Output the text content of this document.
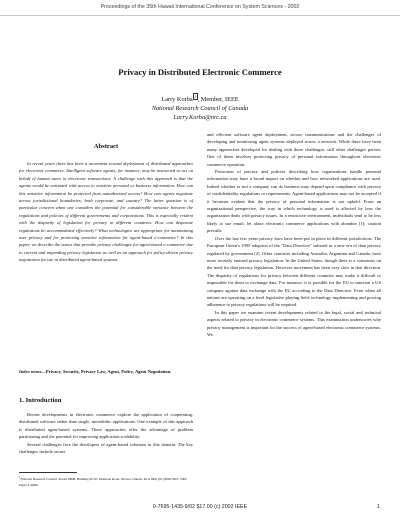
Proceedings of the 35th Hawaii International Conference on System Sciences - 2002
Privacy in Distributed Electronic Commerce
Larry Korba $^1$ , Member, IEEE
National Research Council of Canada
Larry.Korba@nrc.ca
Abstract
In recent years there has been a movement toward deployment of distributed approaches for electronic commerce. Intelligent software agents, for instance, may be instructed to act on behalf of human users in electronic transactions. A challenge with this approach is that the agents would be entrusted with access to sensitive personal or business information. How can this sensitive information be protected from unauthorized access? How can agents negotiate across jurisdictional boundaries; both corporate, and country? The latter question is of particular concern when one considers the potential for considerable variance between the regulations and policies of different governments and corporations. This is especially evident with the disparity of legislation for privacy in different countries. How can disparate regulations be accommodated effectively? What technologies are appropriate for maintaining user privacy and for protecting sensitive information for agent-based e-commerce? In this paper, we describe the issues that provoke privacy challenges for agent-based e-commerce due to current and impending privacy legislation as well as an approach for policy-driven privacy negotiation for use in distributed agent-based systems.
Index terms—Privacy, Security, Privacy Law, Agent, Policy, Agent Negotiation.
1. Introduction

Recent developments in electronic commerce explore the application of cooperating, distributed software rather than single, monolithic applications. One example of this approach is distributed agent-based systems. These approaches offer the advantage of problem partitioning and the potential for improving application scalability.

Several challenges face the developers of agent-based solutions in this domain. The key challenges include secure

$^1$National Research Council, Room 286B, Building M-50, Montreal Road, Ottawa, Ontario K1A 0R6. (613)998-3967, NRC Paper # 44891

and efficient software agent deployment, secure communications and the challenges of developing and monitoring agent systems deployed across a network. While there have been many approaches developed for dealing with these challenges, still other challenges persist. One of them involves protecting privacy of personal information throughout electronic commerce operation.

Protection of privacy and policies describing how organizations handle personal information may have a broad impact on whether and how networked applications are used. Indeed whether or not a company can do business may depend upon compliance with privacy of confidentiality regulations or requirements. Agent-based applications may not be accepted if it becomes evident that the privacy of personal information is not upheld. From an organizational perspective, the way in which technology is used is affected by how the organization deals with privacy issues. In a restrictive environment, individuals tend to be less likely to use email, let alone electronic commerce applications with abandon [1]; caution prevails.

Over the last few years privacy laws have been put in place in different jurisdictions. The European Union's 1995 adoption of the "Data Directive" ushered in a new era of data privacy regulated by government [2]. Other countries including Australia, Argentina and Canada, have more recently enacted privacy legislation. In the United States, though there is a consensus on the need for data privacy legislation. However movement has been very slow in that direction. The disparity of regulations for privacy between different countries may make it difficult or impossible for them to exchange data. For instance, it is possible for the EU to sanction a US company against data exchange with the EU according to the Data Directive. Even when all nations are operating on a level legislative playing field, technology implementing and proving adherence to privacy regulations will be required.

In this paper we examine recent developments related to the legal, social and technical aspects related to privacy in electronic commerce systems. This examination underscores why privacy management is important for the success of agent-based electronic commerce systems. We

0-7695-1435-9/02 $17.00 (c) 2002 IEEE	1
